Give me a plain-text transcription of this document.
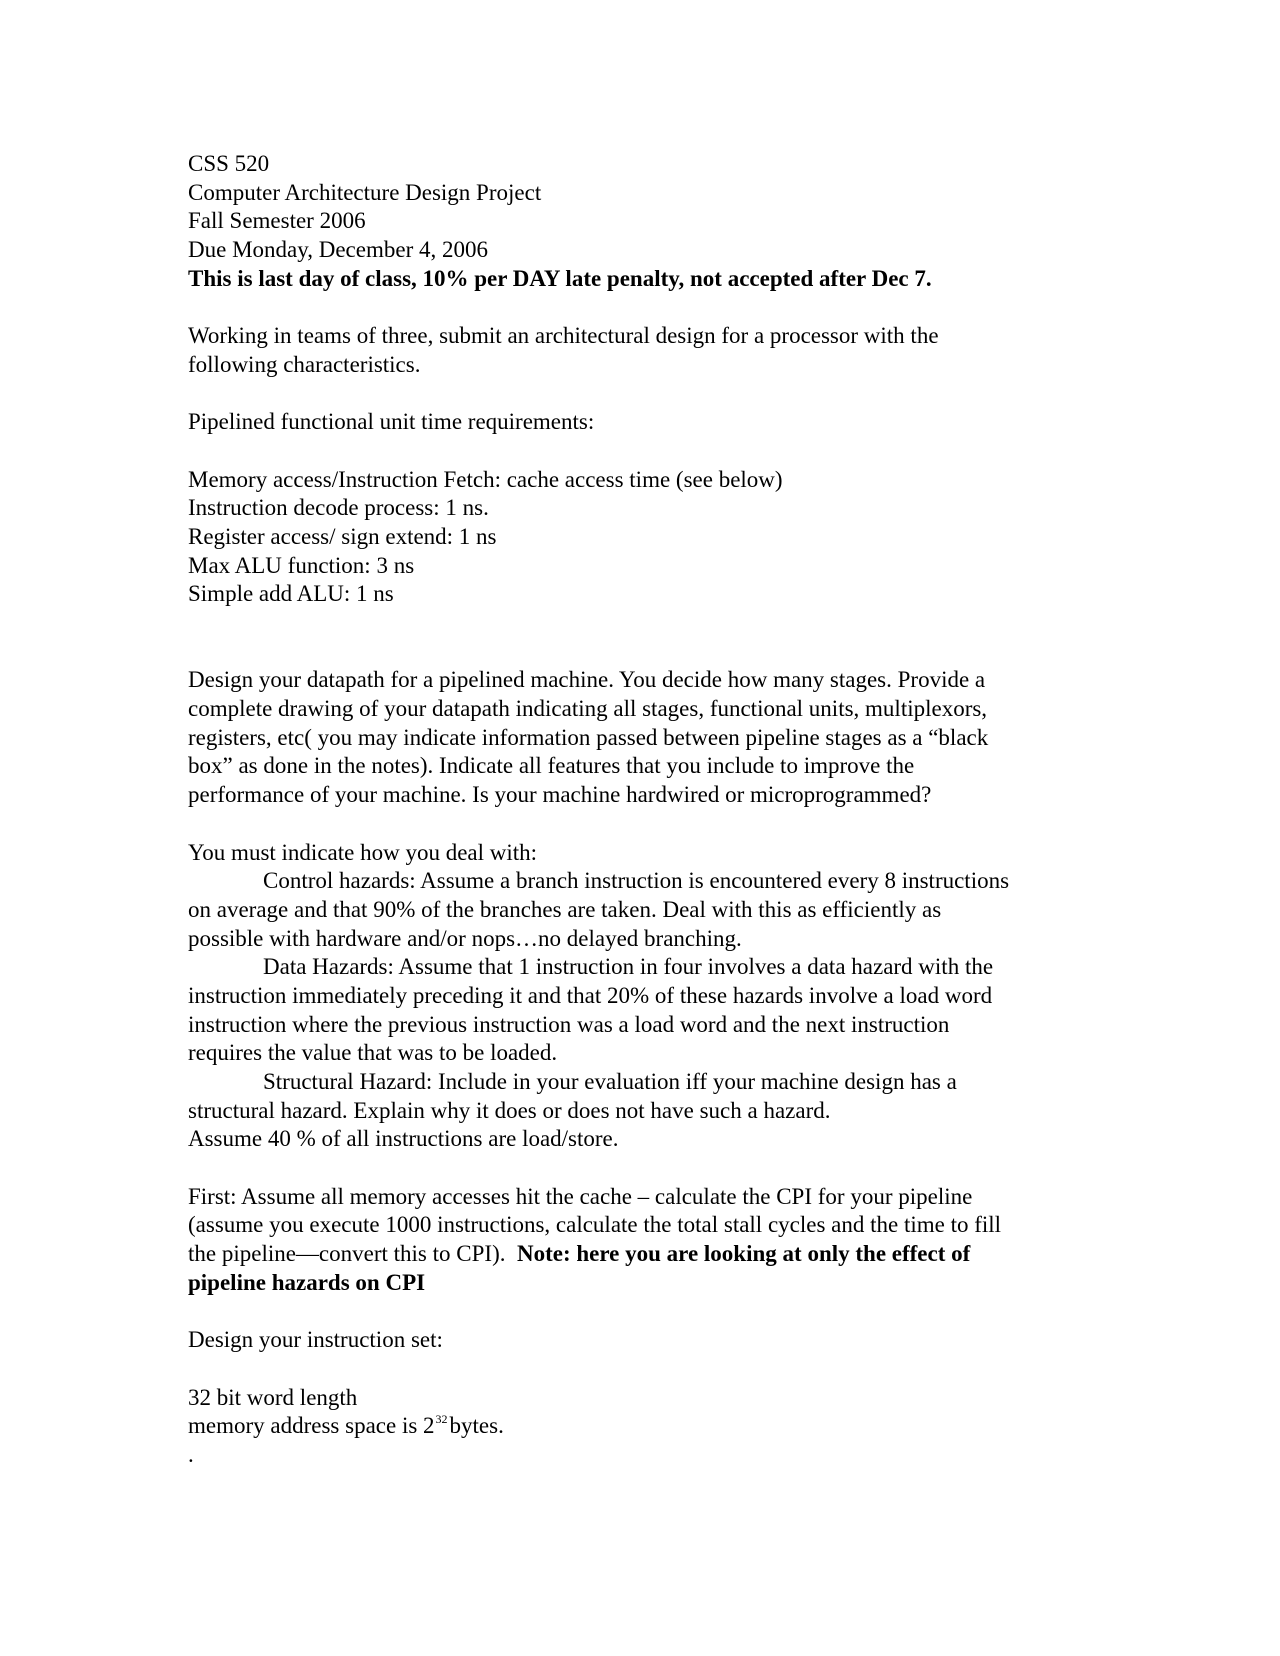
CSS 520
Computer Architecture Design Project
Fall Semester 2006
Due Monday, December 4, 2006
This is last day of class, 10% per DAY late penalty, not accepted after Dec 7.
Working in teams of three, submit an architectural design for a processor with the
following characteristics.
Pipelined functional unit time requirements:
Memory access/Instruction Fetch: cache access time (see below)
Instruction decode process: 1 ns.
Register access/ sign extend: 1 ns
Max ALU function: 3 ns
Simple add ALU: 1 ns
Design your datapath for a pipelined machine. You decide how many stages. Provide a
complete drawing of your datapath indicating all stages, functional units, multiplexors,
registers, etc( you may indicate information passed between pipeline stages as a “black
box” as done in the notes). Indicate all features that you include to improve the
performance of your machine. Is your machine hardwired or microprogrammed?
You must indicate how you deal with:
Control hazards: Assume a branch instruction is encountered every 8 instructions
on average and that 90% of the branches are taken. Deal with this as efficiently as
possible with hardware and/or nops…no delayed branching.
Data Hazards: Assume that 1 instruction in four involves a data hazard with the
instruction immediately preceding it and that 20% of these hazards involve a load word
instruction where the previous instruction was a load word and the next instruction
requires the value that was to be loaded.
Structural Hazard: Include in your evaluation iff your machine design has a
structural hazard. Explain why it does or does not have such a hazard.
Assume 40 % of all instructions are load/store.
First: Assume all memory accesses hit the cache – calculate the CPI for your pipeline
(assume you execute 1000 instructions, calculate the total stall cycles and the time to fill
the pipeline—convert this to CPI).  Note: here you are looking at only the effect of
pipeline hazards on CPI
Design your instruction set:
32 bit word length
memory address space is $2^{32}bytes$.
.
